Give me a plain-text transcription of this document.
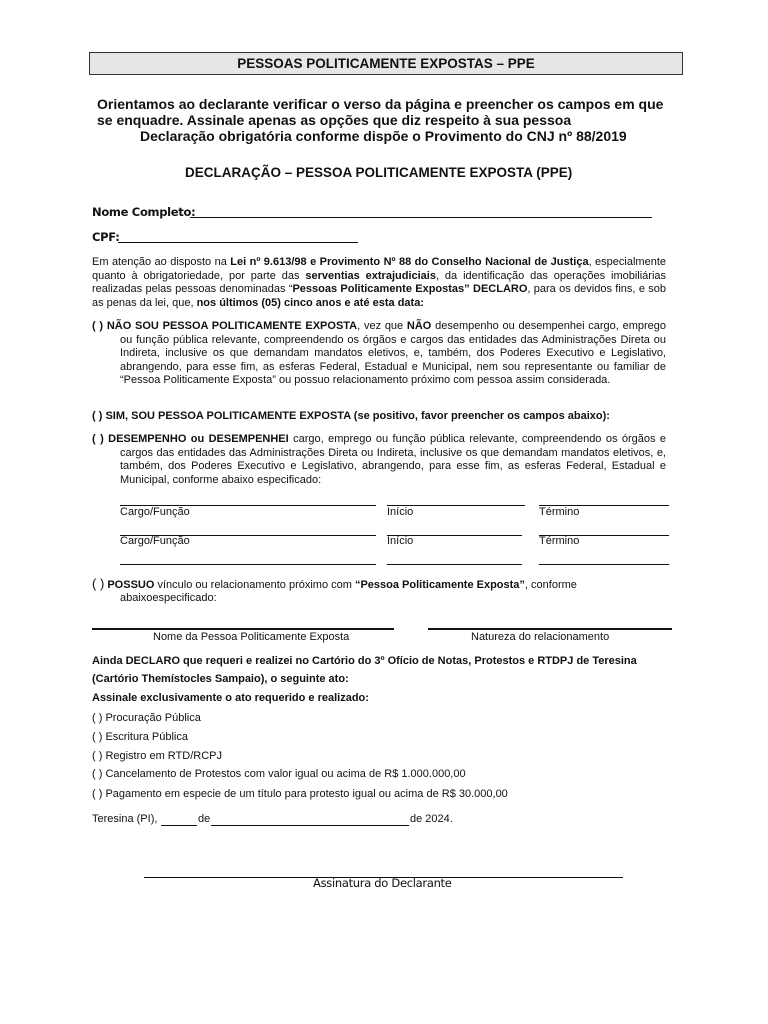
PESSOAS POLITICAMENTE EXPOSTAS – PPE
Orientamos ao declarante verificar o verso da página e preencher os campos em que
se enquadre. Assinale apenas as opções que diz respeito à sua pessoa
Declaração obrigatória conforme dispõe o Provimento do CNJ nº 88/2019
DECLARAÇÃO – PESSOA POLITICAMENTE EXPOSTA (PPE)
Nome Completo:
CPF:
Em atenção ao disposto na Lei nº 9.613/98 e Provimento Nº 88 do Conselho Nacional de Justiça, especialmente quanto à obrigatoriedade, por parte das serventias extrajudiciais, da identificação das operações imobiliárias realizadas pelas pessoas denominadas “Pessoas Politicamente Expostas” DECLARO, para os devidos fins, e sob as penas da lei, que, nos últimos (05) cinco anos e até esta data:
( ) NÃO SOU PESSOA POLITICAMENTE EXPOSTA, vez que NÃO desempenho ou desempenhei cargo, emprego ou função pública relevante, compreendendo os órgãos e cargos das entidades das Administrações Direta ou Indireta, inclusive os que demandam mandatos eletivos, e, também, dos Poderes Executivo e Legislativo, abrangendo, para esse fim, as esferas Federal, Estadual e Municipal, nem sou representante ou familiar de “Pessoa Politicamente Exposta” ou possuo relacionamento próximo com pessoa assim considerada.
( ) SIM, SOU PESSOA POLITICAMENTE EXPOSTA (se positivo, favor preencher os campos abaixo):
( ) DESEMPENHO ou DESEMPENHEI cargo, emprego ou função pública relevante, compreendendo os órgãos e cargos das entidades das Administrações Direta ou Indireta, inclusive os que demandam mandatos eletivos, e, também, dos Poderes Executivo e Legislativo, abrangendo, para esse fim, as esferas Federal, Estadual e Municipal, conforme abaixo especificado:
Cargo/Função	Início	Término
Cargo/Função	Início	Término
( ) POSSUO vínculo ou relacionamento próximo com “Pessoa Politicamente Exposta”, conforme
abaixoespecificado:
Nome da Pessoa Politicamente Exposta	Natureza do relacionamento
Ainda DECLARO que requeri e realizei no Cartório do 3º Ofício de Notas, Protestos e RTDPJ de Teresina
(Cartório Themístocles Sampaio), o seguinte ato:
Assinale exclusivamente o ato requerido e realizado:
( ) Procuração Pública
( ) Escritura Pública
( ) Registro em RTD/RCPJ
( ) Cancelamento de Protestos com valor igual ou acima de R$ 1.000.000,00
( ) Pagamento em especie de um título para protesto igual ou acima de R$ 30.000,00
Teresina (PI),	de	de 2024.
Assinatura do Declarante
